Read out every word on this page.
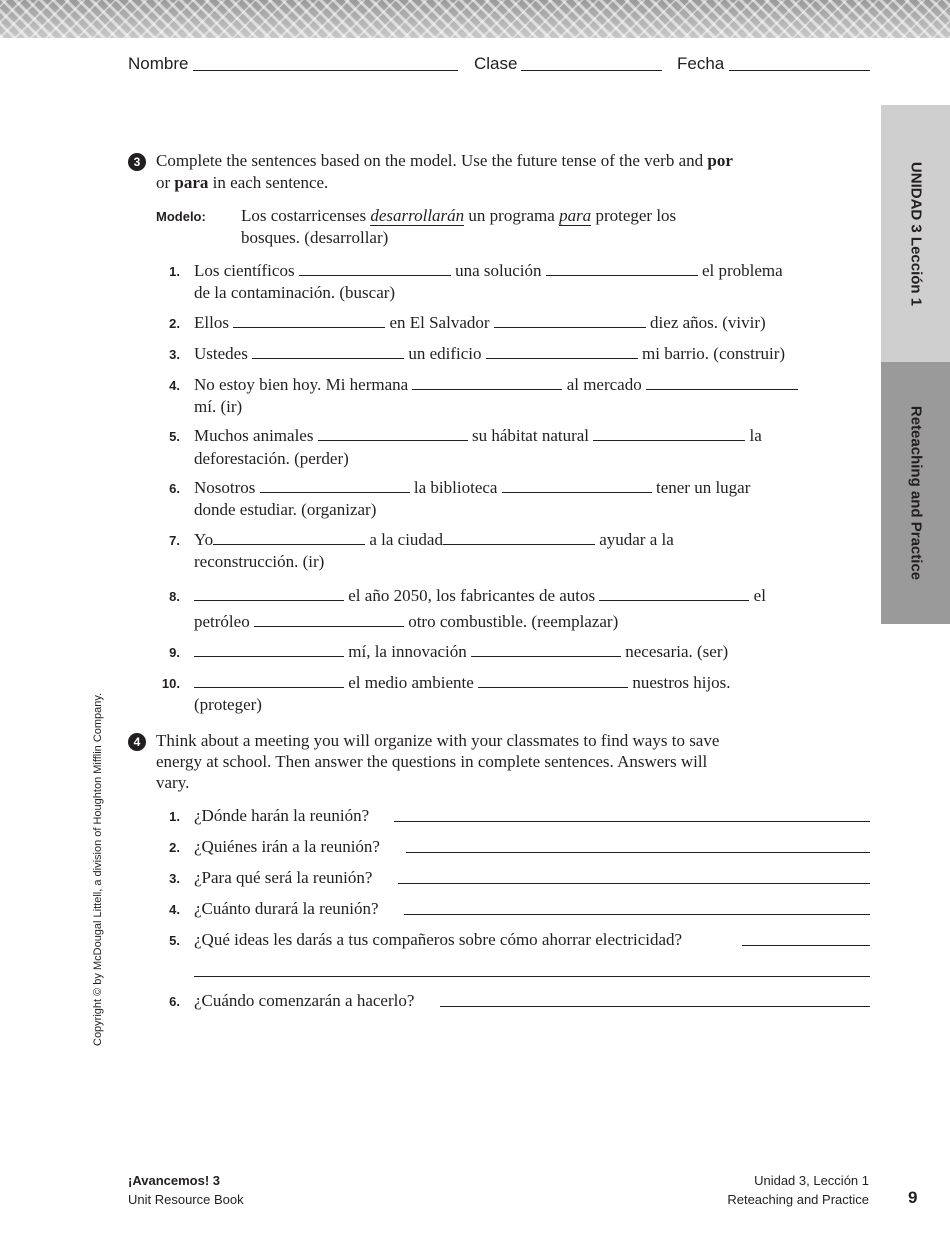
Nombre	Clase	Fecha
UNIDAD 3 Lección 1
Reteaching and Practice
3 Complete the sentences based on the model. Use the future tense of the verb and por
or para in each sentence.
Modelo: Los costarricenses desarrollarán un programa para proteger los
bosques. (desarrollar)
1. Los científicos	una solución	el problema
de la contaminación. (buscar)
2. Ellos	en El Salvador	diez años. (vivir)
3. Ustedes	un edificio	mi barrio. (construir)
4. No estoy bien hoy. Mi hermana	al mercado
mí. (ir)
5. Muchos animales	su hábitat natural	la
deforestación. (perder)
6. Nosotros	la biblioteca	tener un lugar
donde estudiar. (organizar)
7. Yo	a la ciudad	ayudar a la
reconstrucción. (ir)
8.	el año 2050, los fabricantes de autos	el
petróleo	otro combustible. (reemplazar)
9.	mí, la innovación	necesaria. (ser)
10.	el medio ambiente	nuestros hijos.
(proteger)
4 Think about a meeting you will organize with your classmates to find ways to save
energy at school. Then answer the questions in complete sentences. Answers will
vary.
1. ¿Dónde harán la reunión?
2. ¿Quiénes irán a la reunión?
3. ¿Para qué será la reunión?
4. ¿Cuánto durará la reunión?
5. ¿Qué ideas les darás a tus compañeros sobre cómo ahorrar electricidad?
6. ¿Cuándo comenzarán a hacerlo?
Copyright © by McDougal Littell, a division of Houghton Mifflin Company.
¡Avancemos! 3
Unit Resource Book
Unidad 3, Lección 1
Reteaching and Practice 9
